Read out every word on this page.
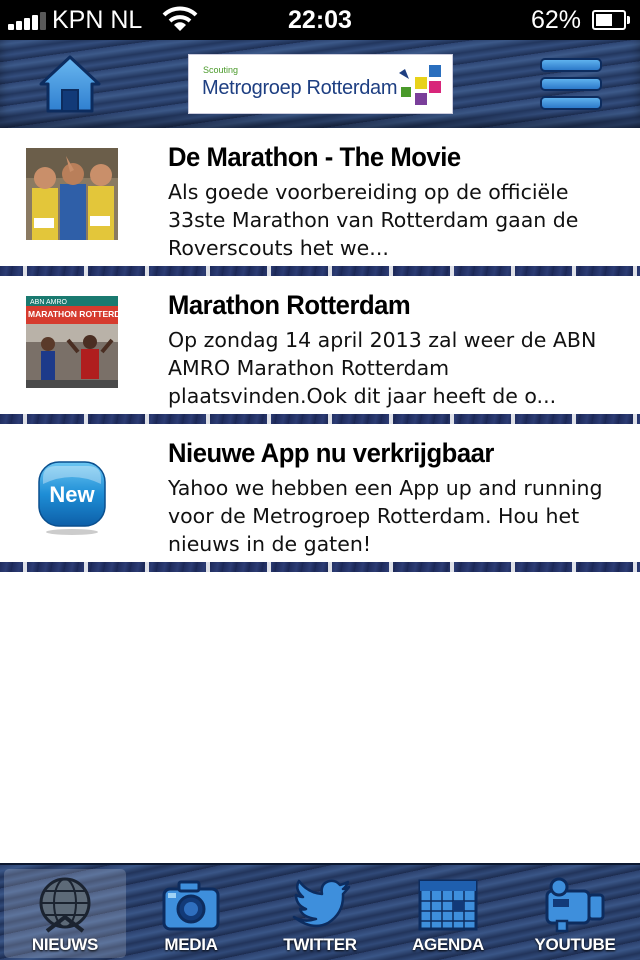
KPN NL	22:03	62%
Scouting
Metrogroep Rotterdam
De Marathon - The Movie
Als goede voorbereiding op de officiële 33ste Marathon van Rotterdam gaan de Roverscouts het we...
ABN AMRO
MARATHON ROTTERDAM Marathon Rotterdam
Op zondag 14 april 2013 zal weer de ABN AMRO Marathon Rotterdam plaatsvinden.Ook dit jaar heeft de o...
New
Nieuwe App nu verkrijgbaar
Yahoo we hebben een App up and running voor de Metrogroep Rotterdam. Hou het nieuws in de gaten!
NIEUWS	MEDIA	TWITTER	AGENDA	YOUTUBE
